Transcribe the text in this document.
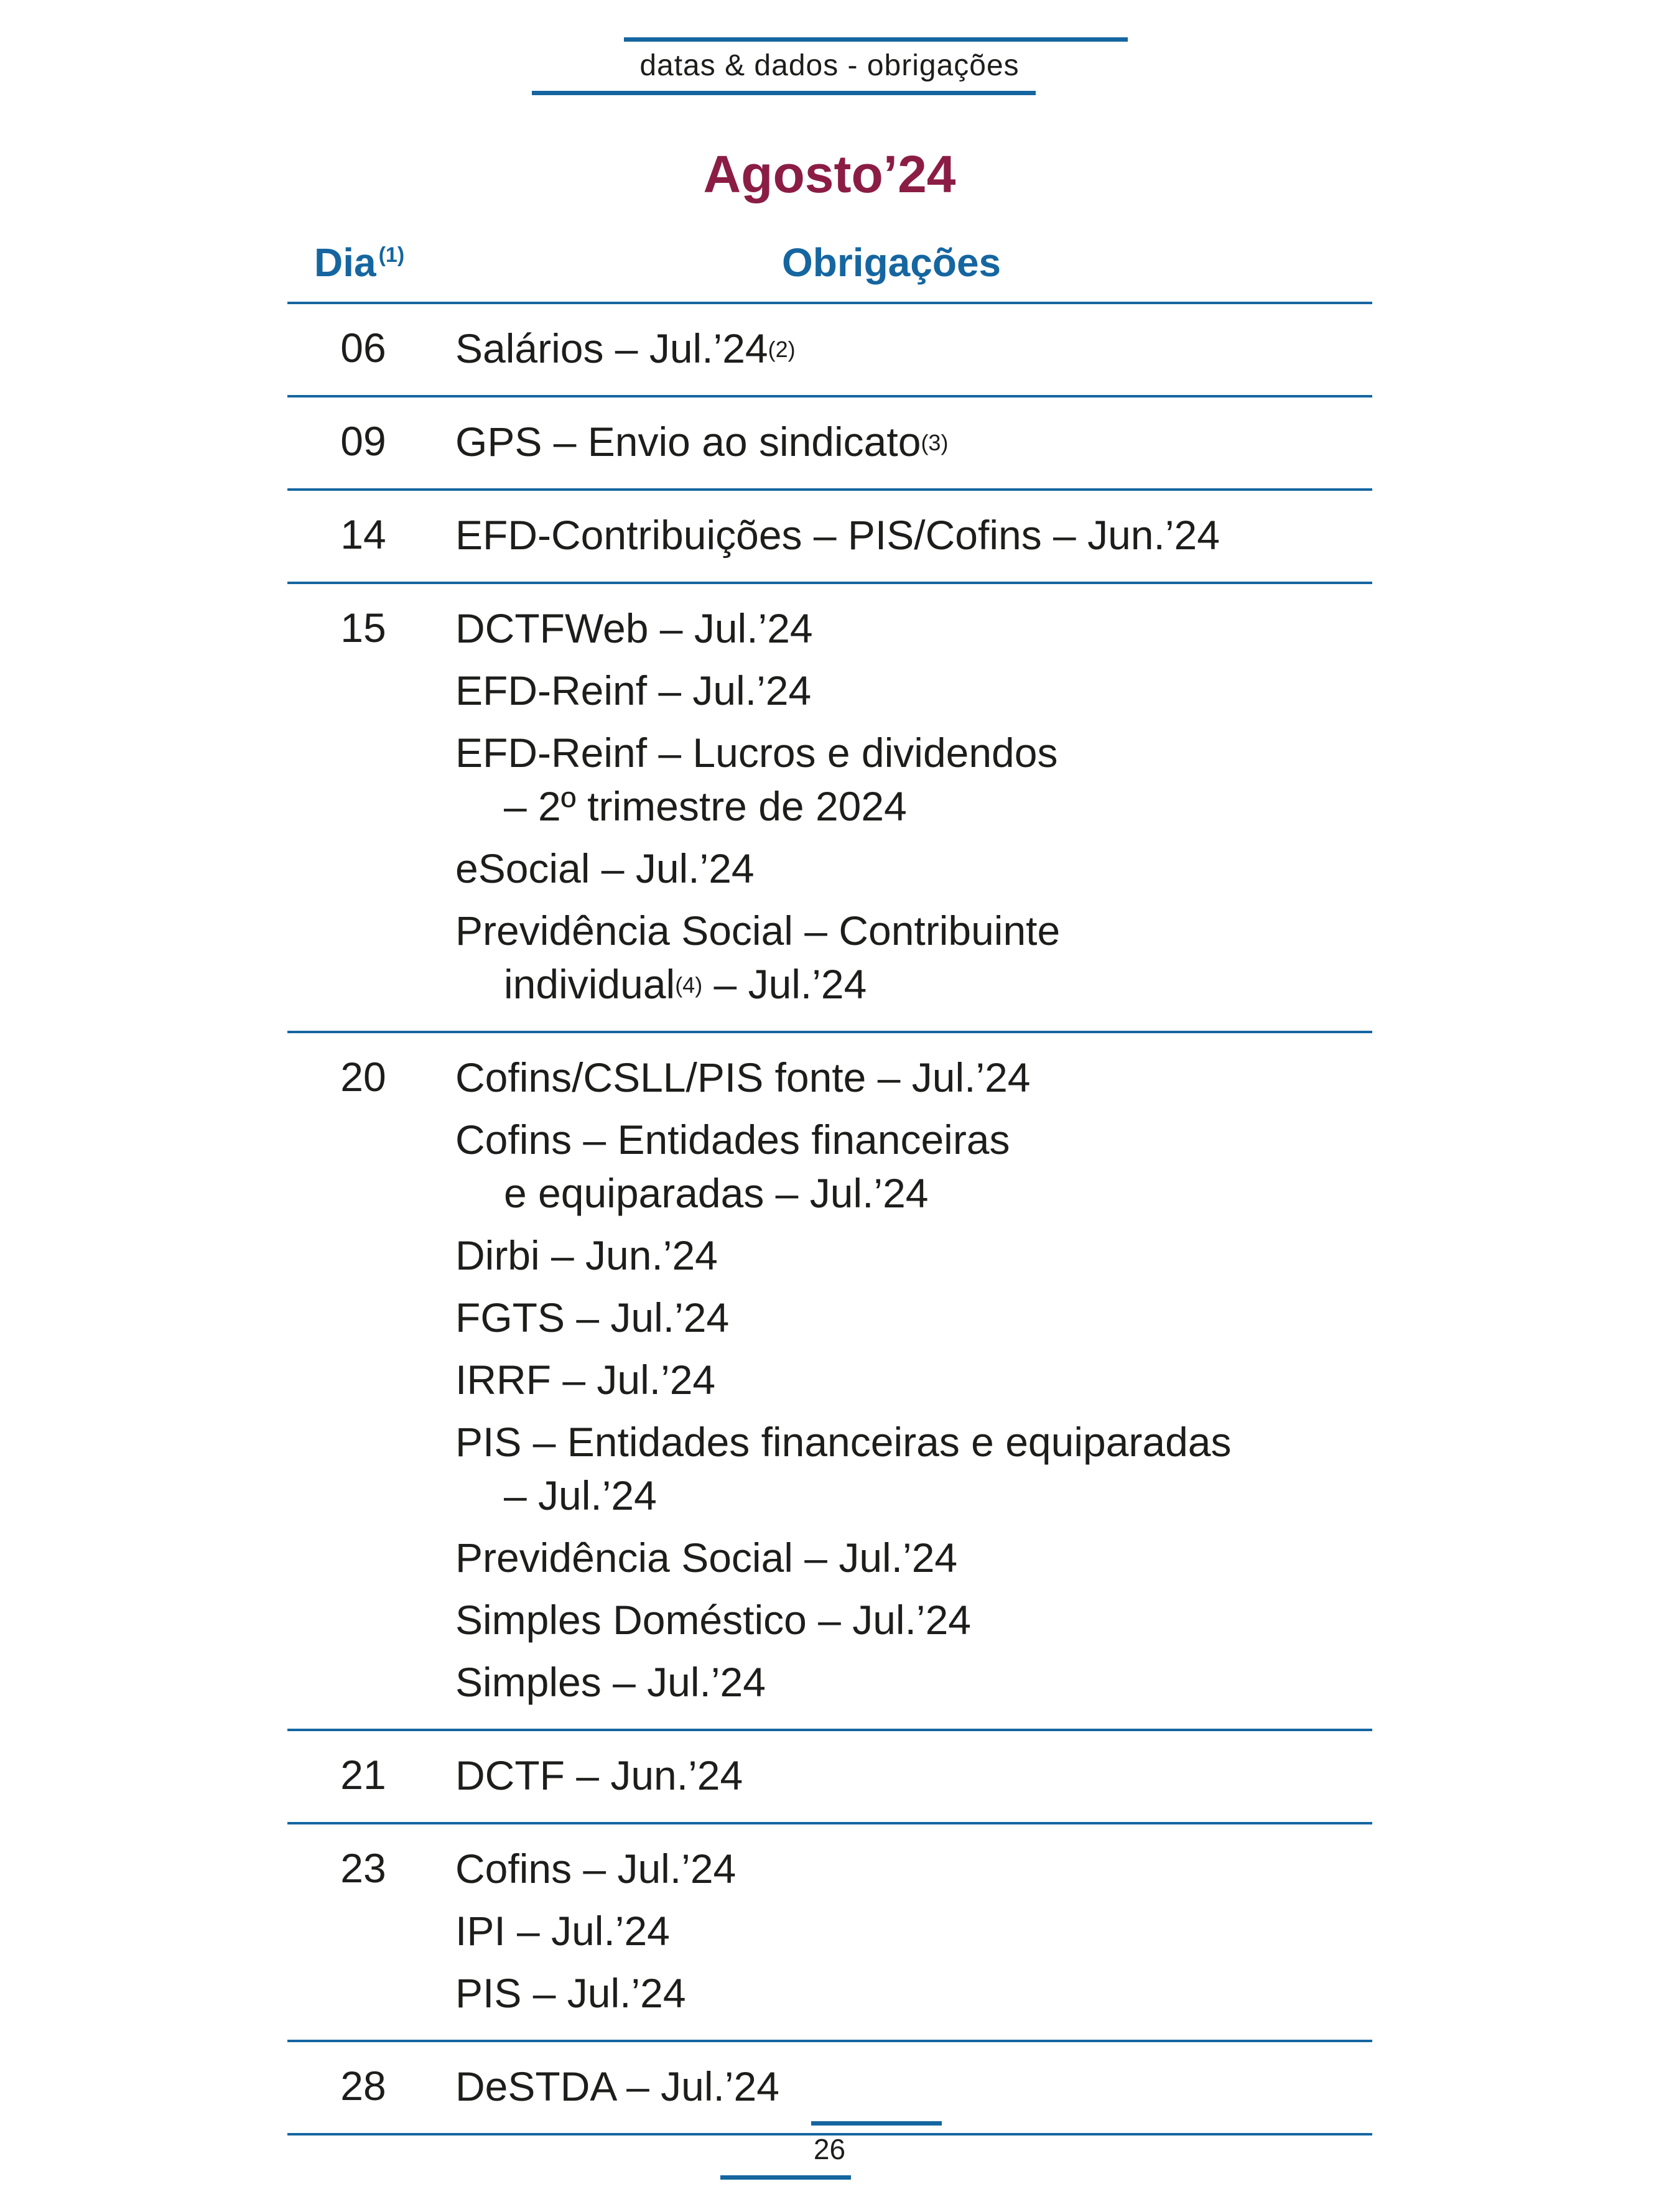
datas & dados - obrigações
Agosto’24
Dia $^{(1)}$	Obrigações
06	Salários – Jul.’24$^{(2)}$
09	GPS – Envio ao sindicato$^{(3)}$
14	EFD-Contribuições – PIS/Cofins – Jun.’24
15	DCTFWeb – Jul.’24
EFD-Reinf – Jul.’24
EFD-Reinf – Lucros e dividendos
– 2º trimestre de 2024
eSocial – Jul.’24
Previdência Social – Contribuinte
individual$^{(4)}$ – Jul.’24
20	Cofins/CSLL/PIS fonte – Jul.’24
Cofins – Entidades financeiras
e equiparadas – Jul.’24
Dirbi – Jun.’24
FGTS – Jul.’24
IRRF – Jul.’24
PIS – Entidades financeiras e equiparadas
– Jul.’24
Previdência Social – Jul.’24
Simples Doméstico – Jul.’24
Simples – Jul.’24
21	DCTF – Jun.’24
23	Cofins – Jul.’24
IPI – Jul.’24
PIS – Jul.’24
28	DeSTDA – Jul.’24
26
